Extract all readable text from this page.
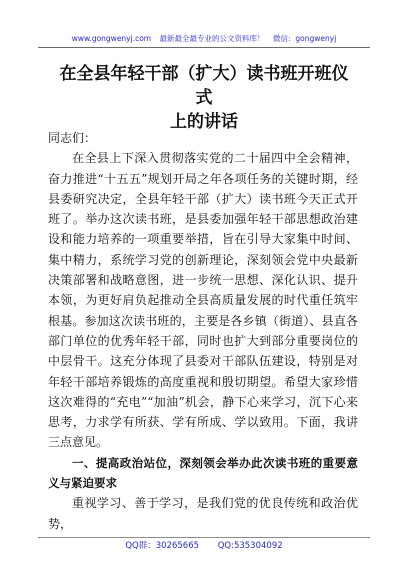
www.gongwenyj.com 最新最全最专业的公文资料库！ 微信：gongwenyj
在全县年轻干部（扩大）读书班开班仪式
上的讲话

同志们：

在全县上下深入贯彻落实党的二十届四中全会精神，奋力推进“十五五”规划开局之年各项任务的关键时期，经县委研究决定，全县年轻干部（扩大）读书班今天正式开班了。举办这次读书班，是县委加强年轻干部思想政治建设和能力培养的一项重要举措，旨在引导大家集中时间、集中精力，系统学习党的创新理论，深刻领会党中央最新决策部署和战略意图，进一步统一思想、深化认识、提升本领，为更好肩负起推动全县高质量发展的时代重任筑牢根基。参加这次读书班的，主要是各乡镇（街道）、县直各部门单位的优秀年轻干部，同时也扩大到部分重要岗位的中层骨干。这充分体现了县委对干部队伍建设，特别是对年轻干部培养锻炼的高度重视和殷切期望。希望大家珍惜这次难得的“充电”“加油”机会，静下心来学习，沉下心来思考，力求学有所获、学有所成、学以致用。下面，我讲三点意见。

一、提高政治站位，深刻领会举办此次读书班的重要意义与紧迫要求

重视学习、善于学习，是我们党的优良传统和政治优势，

QQ群：30265665 QQ:535304092
